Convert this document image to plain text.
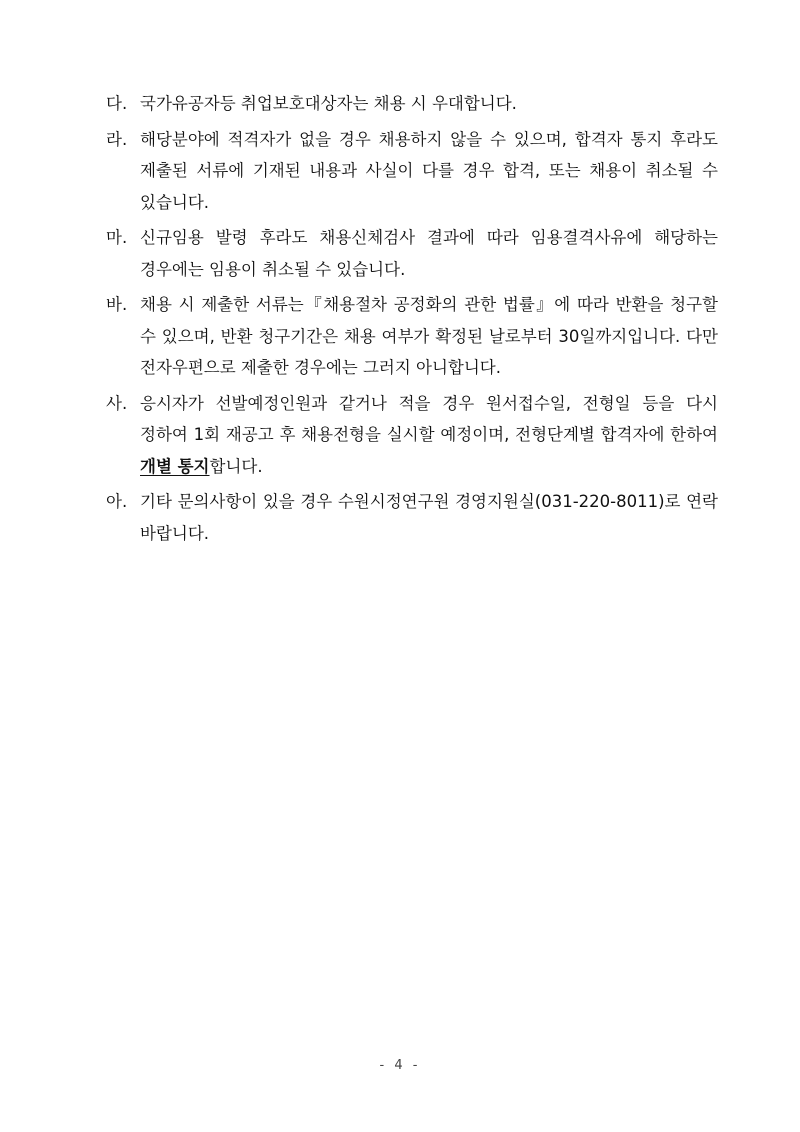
다. 국가유공자등 취업보호대상자는 채용 시 우대합니다.
라. 해당분야에 적격자가 없을 경우 채용하지 않을 수 있으며, 합격자 통지 후라도 제출된 서류에 기재된 내용과 사실이 다를 경우 합격, 또는 채용이 취소될 수 있습니다.
마. 신규임용 발령 후라도 채용신체검사 결과에 따라 임용결격사유에 해당하는 경우에는 임용이 취소될 수 있습니다.
바. 채용 시 제출한 서류는『채용절차 공정화의 관한 법률』에 따라 반환을 청구할 수 있으며, 반환 청구기간은 채용 여부가 확정된 날로부터 30일까지입니다. 다만 전자우편으로 제출한 경우에는 그러지 아니합니다.
사. 응시자가 선발예정인원과 같거나 적을 경우 원서접수일, 전형일 등을 다시 정하여 1회 재공고 후 채용전형을 실시할 예정이며, 전형단계별 합격자에 한하여 개별 통지합니다.
아. 기타 문의사항이 있을 경우 수원시정연구원 경영지원실(031-220-8011)로 연락 바랍니다.
- 4 -
